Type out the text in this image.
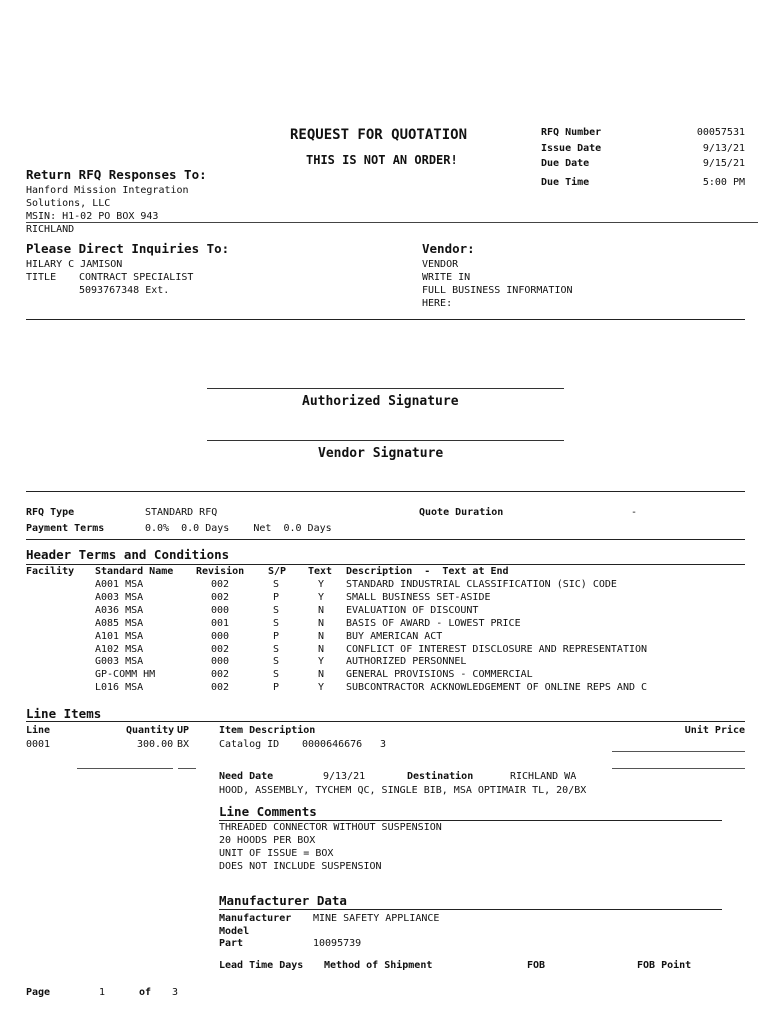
REQUEST FOR QUOTATION
THIS IS NOT AN ORDER!
RFQ Number	00057531
Issue Date	9/13/21
Due Date	9/15/21
Due Time	5:00 PM
Return RFQ Responses To:
Hanford Mission Integration
Solutions, LLC
MSIN: H1-02 PO BOX 943
RICHLAND
Please Direct Inquiries To:
HILARY C JAMISON
TITLE CONTRACT SPECIALIST
5093767348 Ext.
Vendor:
VENDOR
WRITE IN
FULL BUSINESS INFORMATION
HERE:
Authorized Signature
Vendor Signature
RFQ Type	STANDARD RFQ	Quote Duration	-
Payment Terms	0.0%  0.0 Days    Net  0.0 Days
Header Terms and Conditions
Facility Standard Name Revision S/P Text Description  -  Text at End
A001 MSA	002	S	Y STANDARD INDUSTRIAL CLASSIFICATION (SIC) CODE
A003 MSA	002	P	Y SMALL BUSINESS SET-ASIDE
A036 MSA	000	S	N EVALUATION OF DISCOUNT
A085 MSA	001	S	N BASIS OF AWARD - LOWEST PRICE
A101 MSA	000	P	N BUY AMERICAN ACT
A102 MSA	002	S	N CONFLICT OF INTEREST DISCLOSURE AND REPRESENTATION
G003 MSA	000	S	Y AUTHORIZED PERSONNEL
GP-COMM HM	002	S	N GENERAL PROVISIONS - COMMERCIAL
L016 MSA	002	P	Y SUBCONTRACTOR ACKNOWLEDGEMENT OF ONLINE REPS AND C
Line Items
Line	Quantity UP	Item Description	Unit Price
0001	300.00 BX	Catalog ID 0000646676 3
Need Date	9/13/21	Destination	RICHLAND WA
HOOD, ASSEMBLY, TYCHEM QC, SINGLE BIB, MSA OPTIMAIR TL, 20/BX
Line Comments
THREADED CONNECTOR WITHOUT SUSPENSION
20 HOODS PER BOX
UNIT OF ISSUE = BOX
DOES NOT INCLUDE SUSPENSION
Manufacturer Data
Manufacturer MINE SAFETY APPLIANCE
Model
Part	10095739
Lead Time Days Method of Shipment	FOB	FOB Point
Page	1	of 3
